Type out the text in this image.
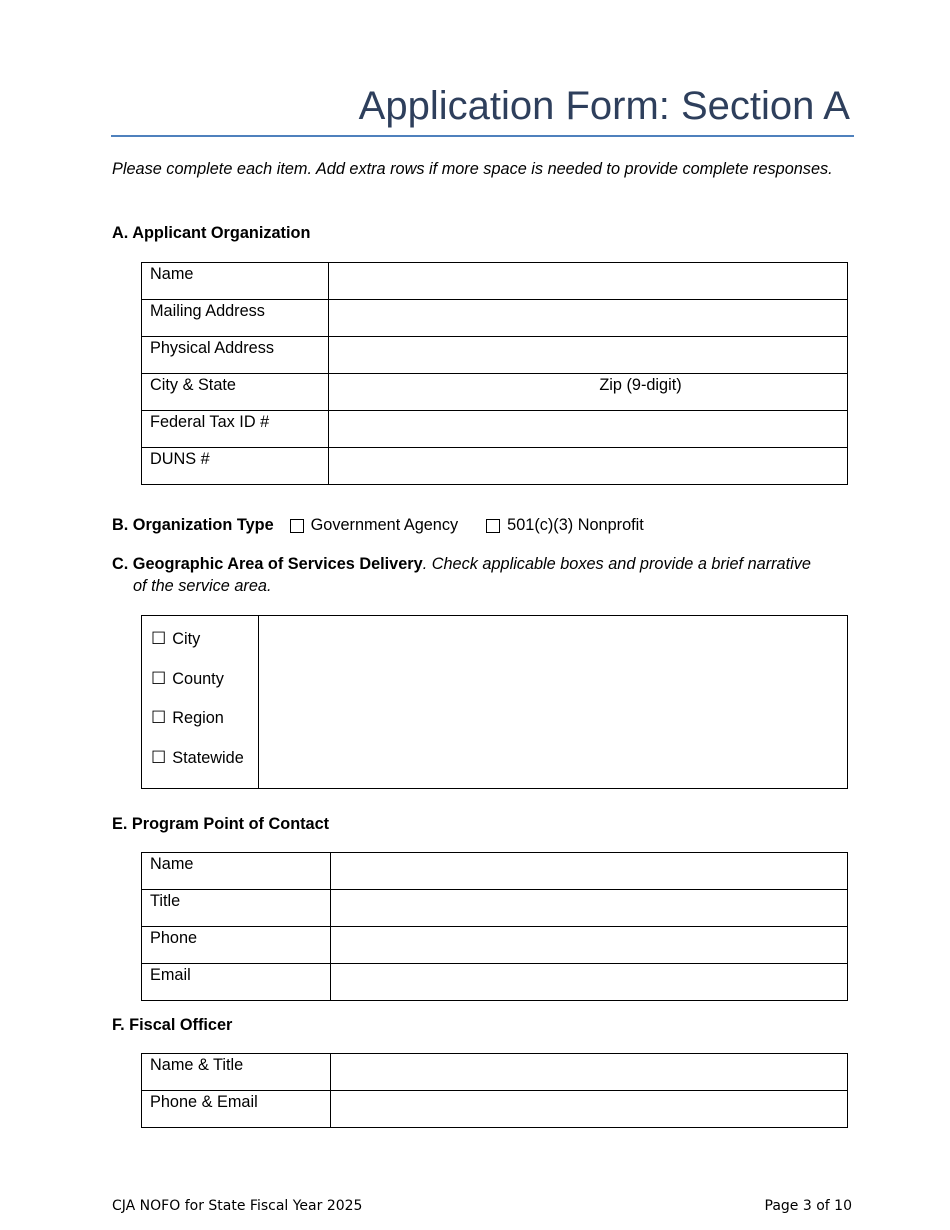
Application Form: Section A
Please complete each item. Add extra rows if more space is needed to provide complete responses.
A. Applicant Organization
Name	
Mailing Address	
Physical Address	
City & State	Zip (9-digit)
Federal Tax ID #	
DUNS #	
B. Organization Type Government Agency	501(c)(3) Nonprofit
C. Geographic Area of Services Delivery. Check applicable boxes and provide a brief narrative
of the service area.
☐ City
☐ County
☐ Region
☐ Statewide

E. Program Point of Contact
Name	
Title	
Phone	
Email	
F. Fiscal Officer
Name & Title	
Phone & Email	
CJA NOFO for State Fiscal Year 2025	Page 3 of 10
